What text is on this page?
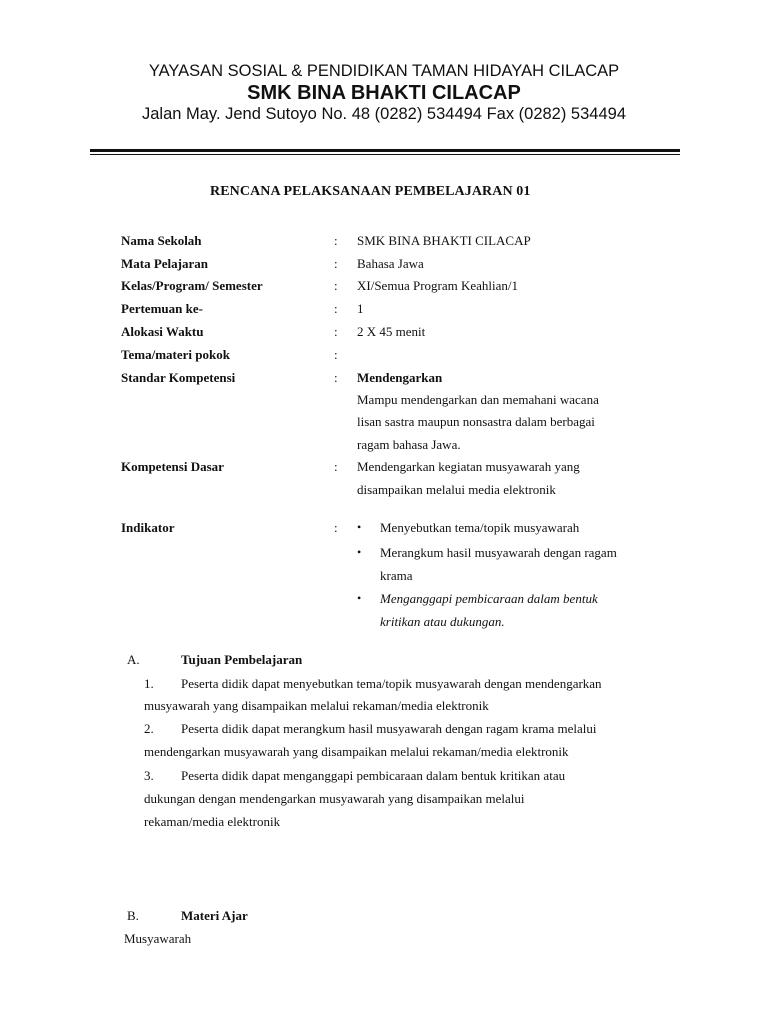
YAYASAN SOSIAL & PENDIDIKAN TAMAN HIDAYAH CILACAP
SMK BINA BHAKTI CILACAP
Jalan May. Jend Sutoyo No. 48 (0282) 534494 Fax (0282) 534494
RENCANA PELAKSANAAN PEMBELAJARAN 01
Nama Sekolah	: SMK BINA BHAKTI CILACAP
Mata Pelajaran	: Bahasa Jawa
Kelas/Program/ Semester	: XI/Semua Program Keahlian/1
Pertemuan ke-	: 1
Alokasi Waktu	: 2 X 45 menit
Tema/materi pokok	:
Standar Kompetensi	: Mendengarkan
Mampu mendengarkan dan memahani wacana
lisan sastra maupun nonsastra dalam berbagai
ragam bahasa Jawa.
Kompetensi Dasar	: Mendengarkan kegiatan musyawarah yang
disampaikan melalui media elektronik
Indikator	: • Menyebutkan tema/topik musyawarah
• Merangkum hasil musyawarah dengan ragam
krama
• Menganggapi pembicaraan dalam bentuk
kritikan atau dukungan.
A.	Tujuan Pembelajaran
1. Peserta didik dapat menyebutkan tema/topik musyawarah dengan mendengarkan
musyawarah yang disampaikan melalui rekaman/media elektronik
2. Peserta didik dapat merangkum hasil musyawarah dengan ragam krama melalui
mendengarkan musyawarah yang disampaikan melalui rekaman/media elektronik
3. Peserta didik dapat menganggapi pembicaraan dalam bentuk kritikan atau
dukungan dengan mendengarkan musyawarah yang disampaikan melalui
rekaman/media elektronik
B.	Materi Ajar
Musyawarah
